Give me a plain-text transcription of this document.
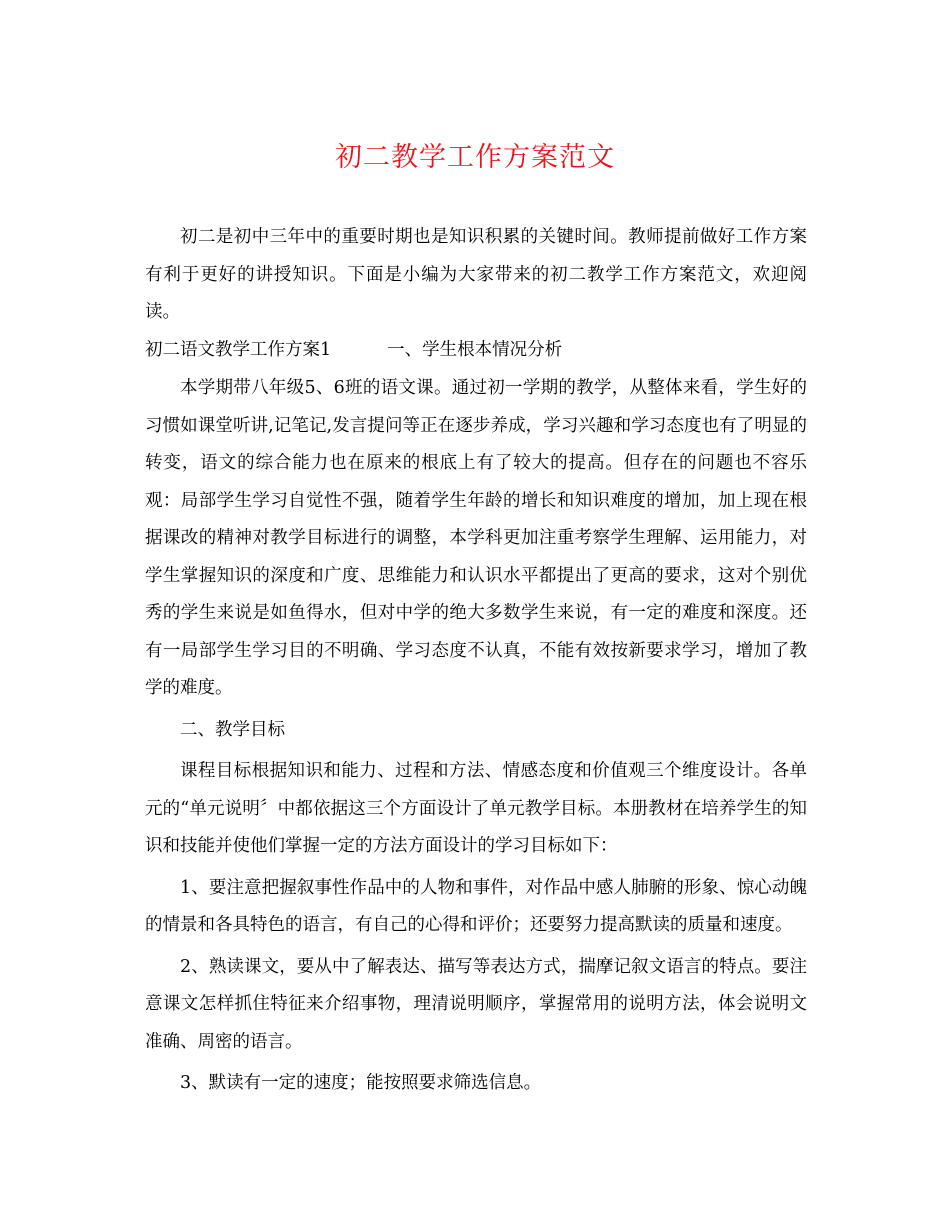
初二教学工作方案范文

初二是初中三年中的重要时期也是知识积累的关键时间。教师提前做好工作方案有利于更好的讲授知识。下面是小编为大家带来的初二教学工作方案范文，欢迎阅读。

初二语文教学工作方案1	一、学生根本情况分析

本学期带八年级5、6班的语文课。通过初一学期的教学，从整体来看，学生好的习惯如课堂听讲,记笔记,发言提问等正在逐步养成，学习兴趣和学习态度也有了明显的转变，语文的综合能力也在原来的根底上有了较大的提高。但存在的问题也不容乐观：局部学生学习自觉性不强，随着学生年龄的增长和知识难度的增加，加上现在根据课改的精神对教学目标进行的调整，本学科更加注重考察学生理解、运用能力，对学生掌握知识的深度和广度、思维能力和认识水平都提出了更高的要求，这对个别优秀的学生来说是如鱼得水，但对中学的绝大多数学生来说，有一定的难度和深度。还有一局部学生学习目的不明确、学习态度不认真，不能有效按新要求学习，增加了教学的难度。

二、教学目标

课程目标根据知识和能力、过程和方法、情感态度和价值观三个维度设计。各单元的“单元说明〞中都依据这三个方面设计了单元教学目标。本册教材在培养学生的知识和技能并使他们掌握一定的方法方面设计的学习目标如下：

1、要注意把握叙事性作品中的人物和事件，对作品中感人肺腑的形象、惊心动魄的情景和各具特色的语言，有自己的心得和评价；还要努力提高默读的质量和速度。

2、熟读课文，要从中了解表达、描写等表达方式，揣摩记叙文语言的特点。要注意课文怎样抓住特征来介绍事物，理清说明顺序，掌握常用的说明方法，体会说明文准确、周密的语言。

3、默读有一定的速度；能按照要求筛选信息。
